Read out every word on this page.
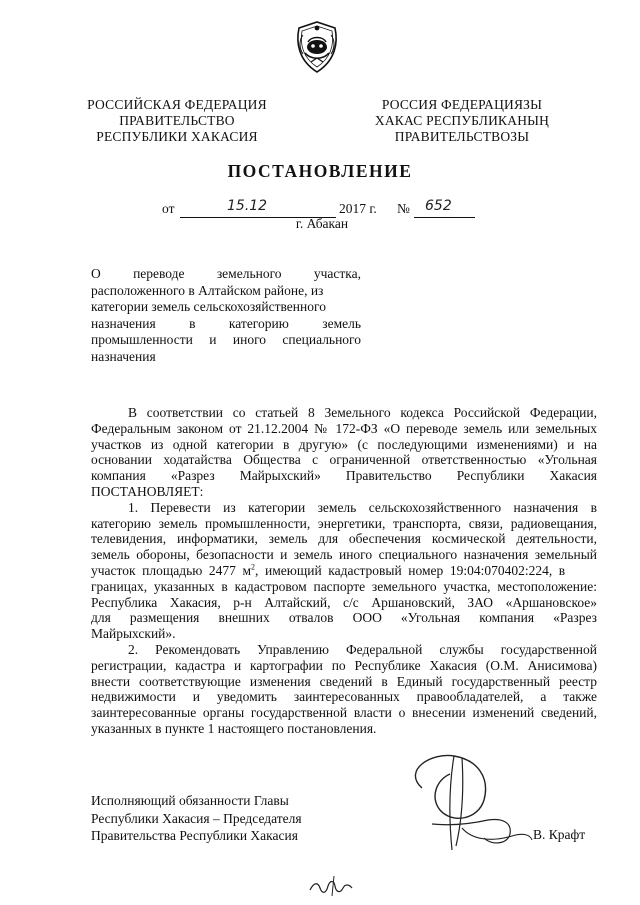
РОССИЙСКАЯ ФЕДЕРАЦИЯ
ПРАВИТЕЛЬСТВО
РЕСПУБЛИКИ ХАКАСИЯ
РОССИЯ ФЕДЕРАЦИЯЗЫ
ХАКАС РЕСПУБЛИКАНЫҢ
ПРАВИТЕЛЬСТВОЗЫ
ПОСТАНОВЛЕНИЕ
от	15.12	2017 г. № 652
г. Абакан
О переводе земельного участка,
расположенного в Алтайском районе, из
категории земель сельскохозяйственного
назначения в категорию земель
промышленности и иного специального
назначения
В соответствии со статьей 8 Земельного кодекса Российской Федерации,
Федеральным законом от 21.12.2004 № 172-ФЗ «О переводе земель или земельных
участков из одной категории в другую» (с последующими изменениями) и на
основании ходатайства Общества с ограниченной ответственностью «Угольная
компания «Разрез Майрыхский» Правительство Республики Хакасия
ПОСТАНОВЛЯЕТ:
1. Перевести из категории земель сельскохозяйственного назначения в
категорию земель промышленности, энергетики, транспорта, связи, радиовещания,
телевидения, информатики, земель для обеспечения космической деятельности,
земель обороны, безопасности и земель иного специального назначения земельный
участок площадью 2477 $м^2$, имеющий кадастровый номер 19:04:070402:224, в
границах, указанных в кадастровом паспорте земельного участка, местоположение:
Республика Хакасия, р-н Алтайский, с/с Аршановский, ЗАО «Аршановское»
для размещения внешних отвалов ООО «Угольная компания «Разрез
Майрыхский».
2. Рекомендовать Управлению Федеральной службы государственной
регистрации, кадастра и картографии по Республике Хакасия (О.М. Анисимова)
внести соответствующие изменения сведений в Единый государственный реестр
недвижимости и уведомить заинтересованных правообладателей, а также
заинтересованные органы государственной власти о внесении изменений сведений,
указанных в пункте 1 настоящего постановления.
Исполняющий обязанности Главы
Республики Хакасия – Председателя
Правительства Республики Хакасия	В. Крафт
